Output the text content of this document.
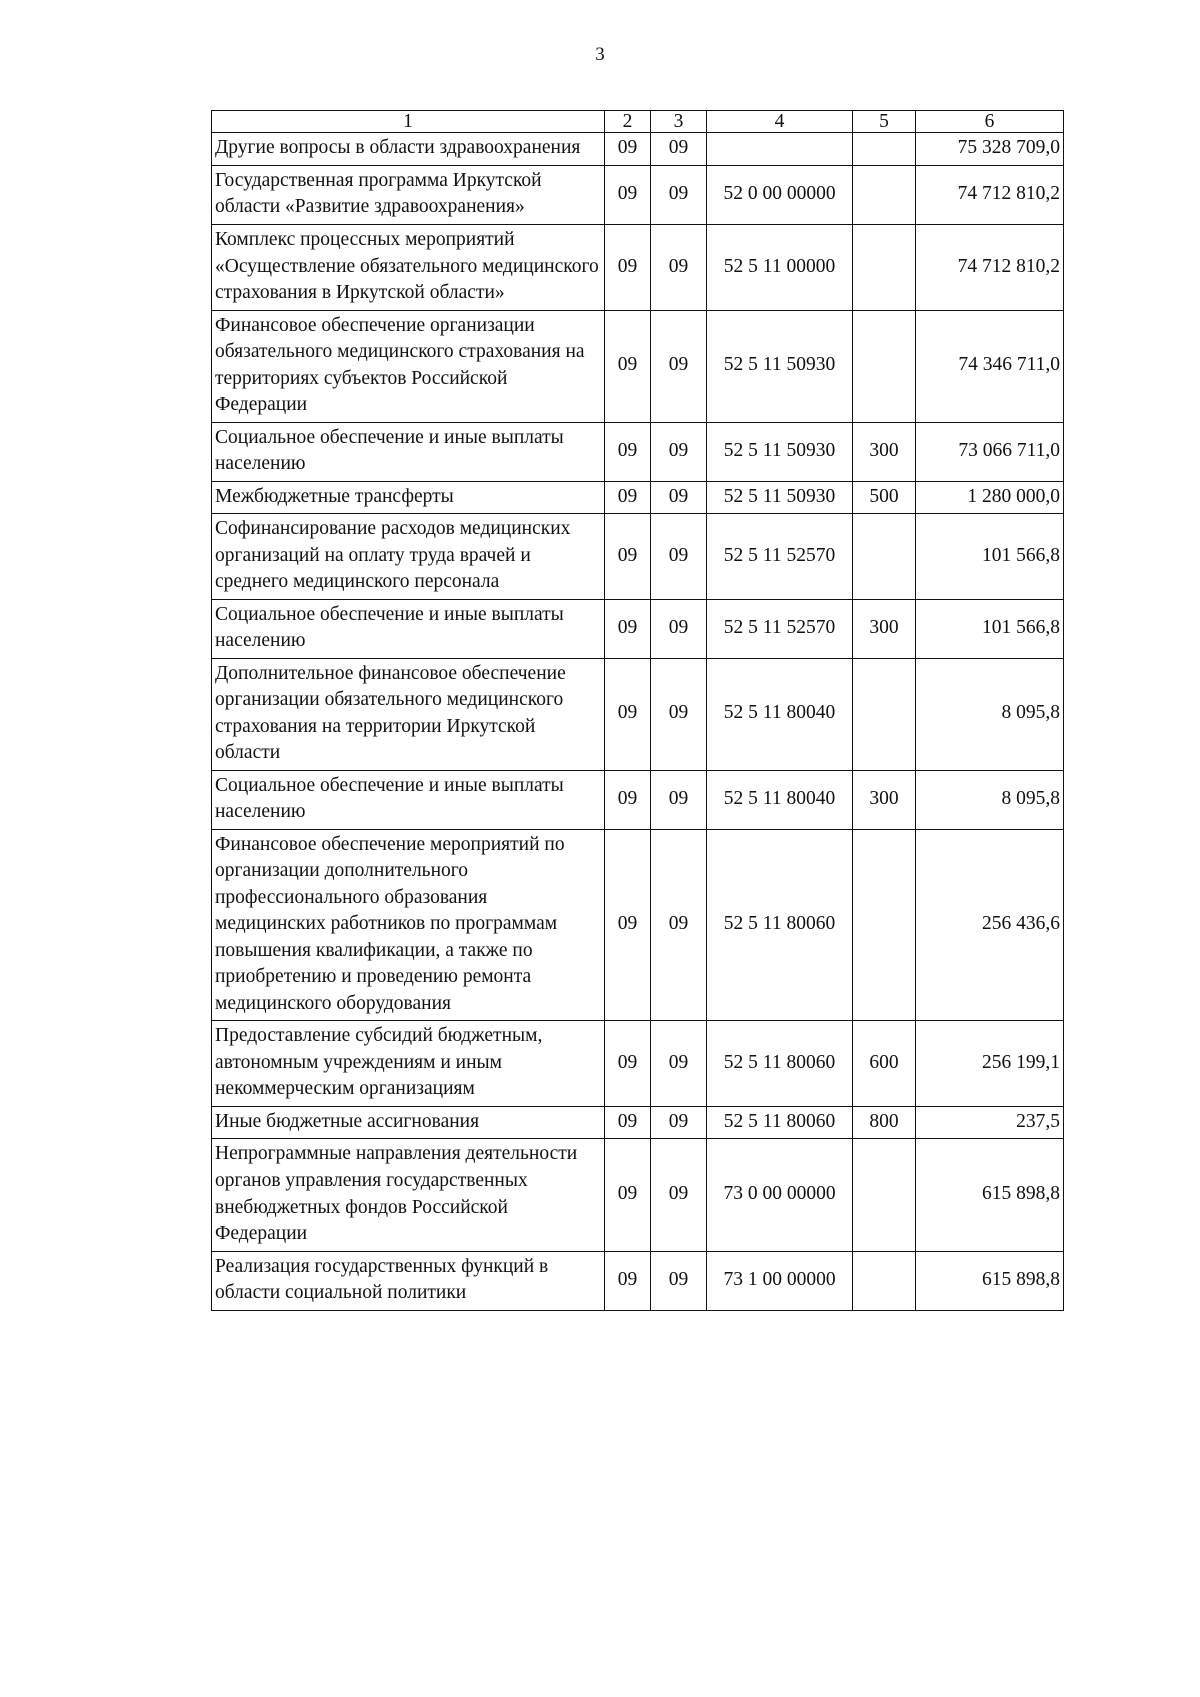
3
1	2	3	4	5	6
Другие вопросы в области здравоохранения	09	09			75 328 709,0
Государственная программа Иркутской области «Развитие здравоохранения»	09	09	52 0 00 00000		74 712 810,2
Комплекс процессных мероприятий «Осуществление обязательного медицинского страхования в Иркутской области»	09	09	52 5 11 00000		74 712 810,2
Финансовое обеспечение организации обязательного медицинского страхования на территориях субъектов Российской Федерации	09	09	52 5 11 50930		74 346 711,0
Социальное обеспечение и иные выплаты населению	09	09	52 5 11 50930	300	73 066 711,0
Межбюджетные трансферты	09	09	52 5 11 50930	500	1 280 000,0
Софинансирование расходов медицинских организаций на оплату труда врачей и среднего медицинского персонала	09	09	52 5 11 52570		101 566,8
Социальное обеспечение и иные выплаты населению	09	09	52 5 11 52570	300	101 566,8
Дополнительное финансовое обеспечение организации обязательного медицинского страхования на территории Иркутской области	09	09	52 5 11 80040		8 095,8
Социальное обеспечение и иные выплаты населению	09	09	52 5 11 80040	300	8 095,8
Финансовое обеспечение мероприятий по организации дополнительного профессионального образования медицинских работников по программам повышения квалификации, а также по приобретению и проведению ремонта медицинского оборудования	09	09	52 5 11 80060		256 436,6
Предоставление субсидий бюджетным, автономным учреждениям и иным некоммерческим организациям	09	09	52 5 11 80060	600	256 199,1
Иные бюджетные ассигнования	09	09	52 5 11 80060	800	237,5
Непрограммные направления деятельности органов управления государственных внебюджетных фондов Российской Федерации	09	09	73 0 00 00000		615 898,8
Реализация государственных функций в области социальной политики	09	09	73 1 00 00000		615 898,8
